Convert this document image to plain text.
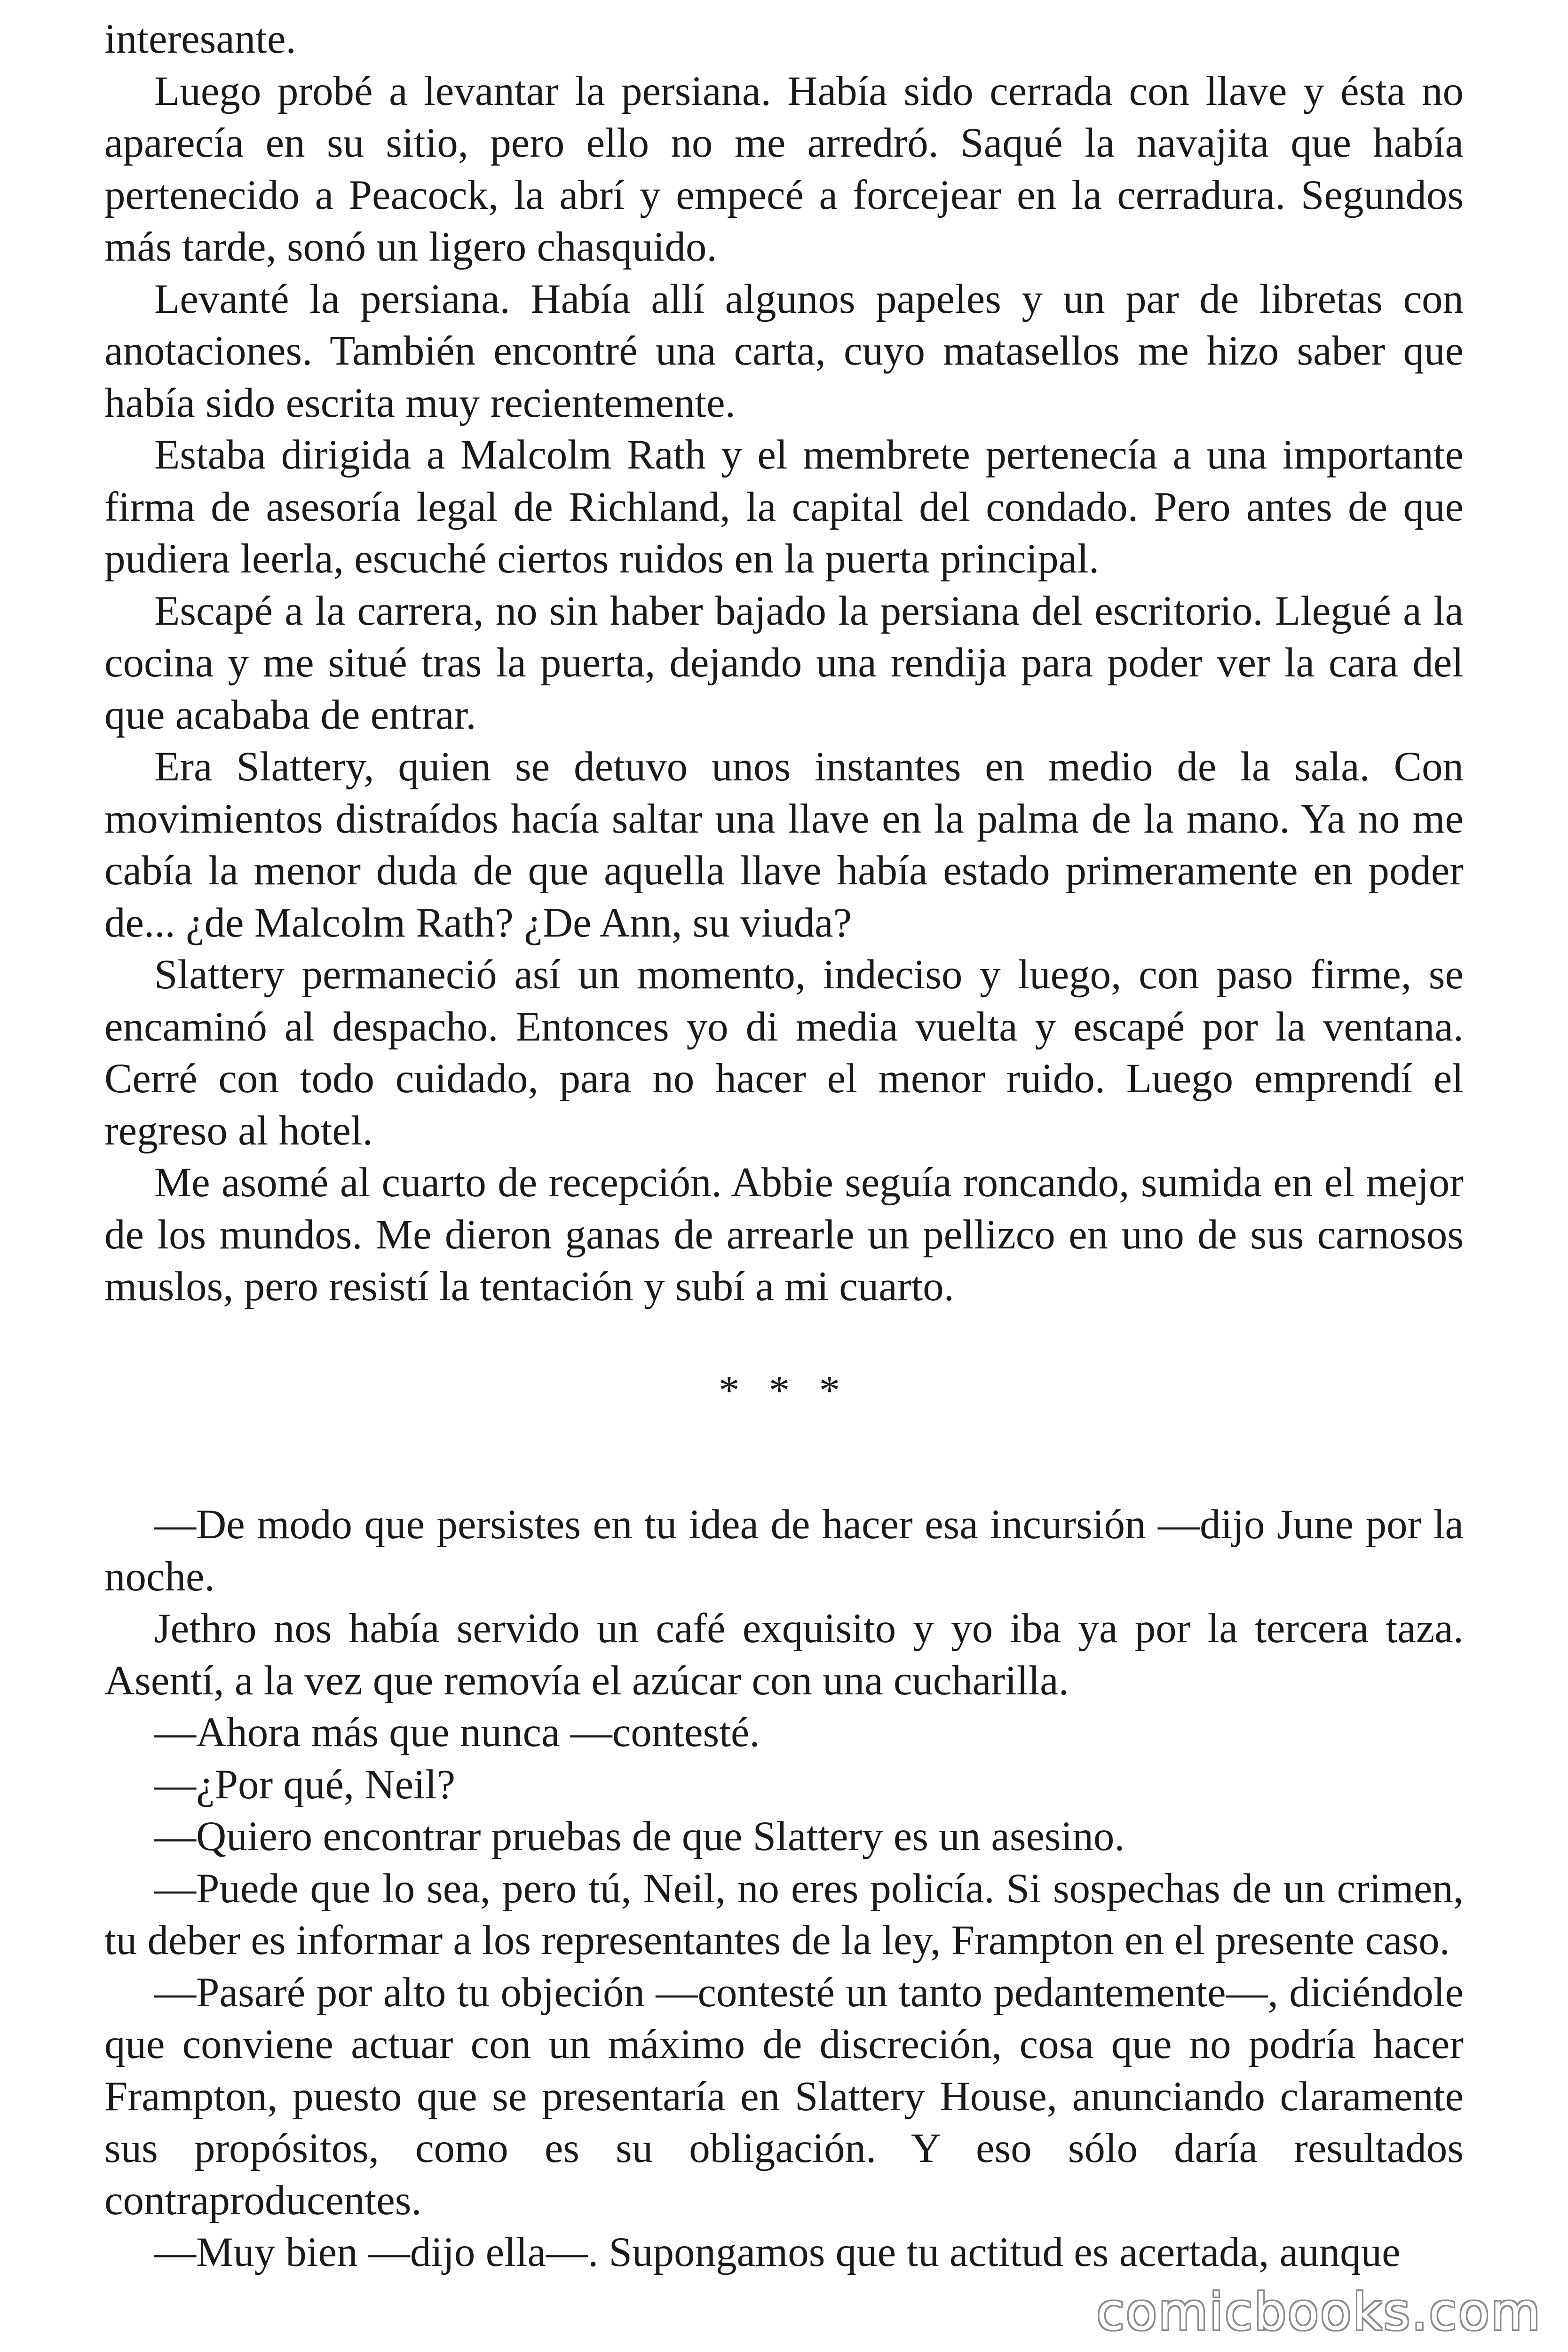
interesante.

Luego probé a levantar la persiana. Había sido cerrada con llave y ésta no aparecía en su sitio, pero ello no me arredró. Saqué la navajita que había pertenecido a Peacock, la abrí y empecé a forcejear en la cerradura. Segundos más tarde, sonó un ligero chasquido.

Levanté la persiana. Había allí algunos papeles y un par de libretas con anotaciones. También encontré una carta, cuyo matasellos me hizo saber que había sido escrita muy recientemente.

Estaba dirigida a Malcolm Rath y el membrete pertenecía a una importante firma de asesoría legal de Richland, la capital del condado. Pero antes de que pudiera leerla, escuché ciertos ruidos en la puerta principal.

Escapé a la carrera, no sin haber bajado la persiana del escritorio. Llegué a la cocina y me situé tras la puerta, dejando una rendija para poder ver la cara del que acababa de entrar.

Era Slattery, quien se detuvo unos instantes en medio de la sala. Con movimientos distraídos hacía saltar una llave en la palma de la mano. Ya no me cabía la menor duda de que aquella llave había estado primeramente en poder de... ¿de Malcolm Rath? ¿De Ann, su viuda?

Slattery permaneció así un momento, indeciso y luego, con paso firme, se encaminó al despacho. Entonces yo di media vuelta y escapé por la ventana. Cerré con todo cuidado, para no hacer el menor ruido. Luego emprendí el regreso al hotel.

Me asomé al cuarto de recepción. Abbie seguía roncando, sumida en el mejor de los mundos. Me dieron ganas de arrearle un pellizco en uno de sus carnosos muslos, pero resistí la tentación y subí a mi cuarto.

* * *

—De modo que persistes en tu idea de hacer esa incursión —dijo June por la noche.

Jethro nos había servido un café exquisito y yo iba ya por la tercera taza. Asentí, a la vez que removía el azúcar con una cucharilla.

—Ahora más que nunca —contesté.

—¿Por qué, Neil?

—Quiero encontrar pruebas de que Slattery es un asesino.

—Puede que lo sea, pero tú, Neil, no eres policía. Si sospechas de un crimen, tu deber es informar a los representantes de la ley, Frampton en el presente caso.

—Pasaré por alto tu objeción —contesté un tanto pedantemente—, diciéndole que conviene actuar con un máximo de discreción, cosa que no podría hacer Frampton, puesto que se presentaría en Slattery House, anunciando claramente sus propósitos, como es su obligación. Y eso sólo daría resultados contraproducentes.

—Muy bien —dijo ella—. Supongamos que tu actitud es acertada, aunque

comicbooks.com
